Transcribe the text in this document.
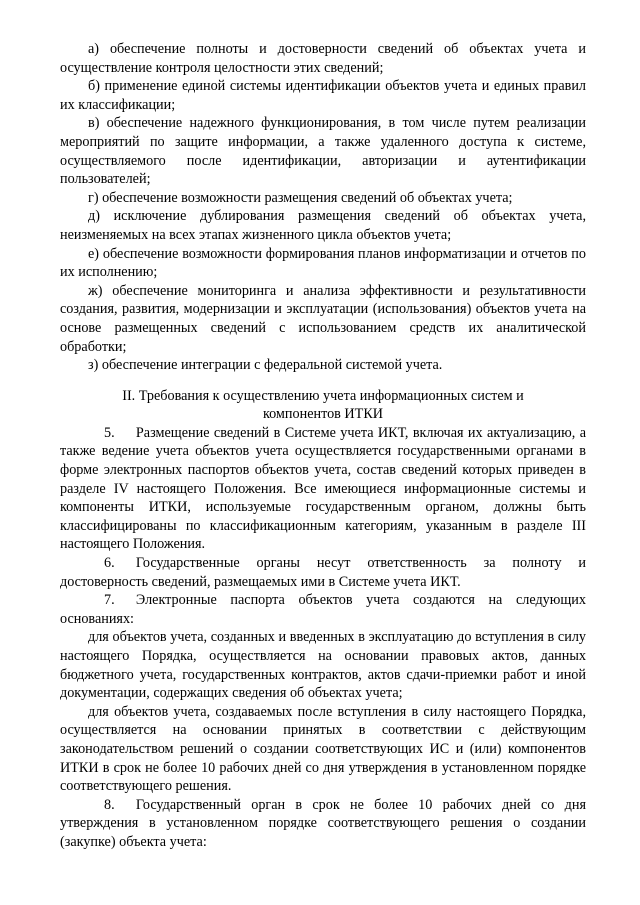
а) обеспечение полноты и достоверности сведений об объектах учета и осуществление контроля целостности этих сведений;

б) применение единой системы идентификации объектов учета и единых правил их классификации;

в) обеспечение надежного функционирования, в том числе путем реализации мероприятий по защите информации, а также удаленного доступа к системе, осуществляемого после идентификации, авторизации и аутентификации пользователей;

г) обеспечение возможности размещения сведений об объектах учета;

д) исключение дублирования размещения сведений об объектах учета, неизменяемых на всех этапах жизненного цикла объектов учета;

е) обеспечение возможности формирования планов информатизации и отчетов по их исполнению;

ж) обеспечение мониторинга и анализа эффективности и результативности создания, развития, модернизации и эксплуатации (использования) объектов учета на основе размещенных сведений с использованием средств их аналитической обработки;

з) обеспечение интеграции с федеральной системой учета.

II. Требования к осуществлению учета информационных систем и
компонентов ИТКИ

5.  Размещение сведений в Системе учета ИКТ, включая их актуализацию, а также ведение учета объектов учета осуществляется государственными органами в форме электронных паспортов объектов учета, состав сведений которых приведен в разделе IV настоящего Положения. Все имеющиеся информационные системы и компоненты ИТКИ, используемые государственным органом, должны быть классифицированы по классификационным категориям, указанным в разделе III настоящего Положения.

6.  Государственные органы несут ответственность за полноту и достоверность сведений, размещаемых ими в Системе учета ИКТ.

7.  Электронные паспорта объектов учета создаются на следующих основаниях:

для объектов учета, созданных и введенных в эксплуатацию до вступления в силу настоящего Порядка, осуществляется на основании правовых актов, данных бюджетного учета, государственных контрактов, актов сдачи-приемки работ и иной документации, содержащих сведения об объектах учета;

для объектов учета, создаваемых после вступления в силу настоящего Порядка, осуществляется на основании принятых в соответствии с действующим законодательством решений о создании соответствующих ИС и (или) компонентов ИТКИ в срок не более 10 рабочих дней со дня утверждения в установленном порядке соответствующего решения.

8.  Государственный орган в срок не более 10 рабочих дней со дня утверждения в установленном порядке соответствующего решения о создании (закупке) объекта учета:
